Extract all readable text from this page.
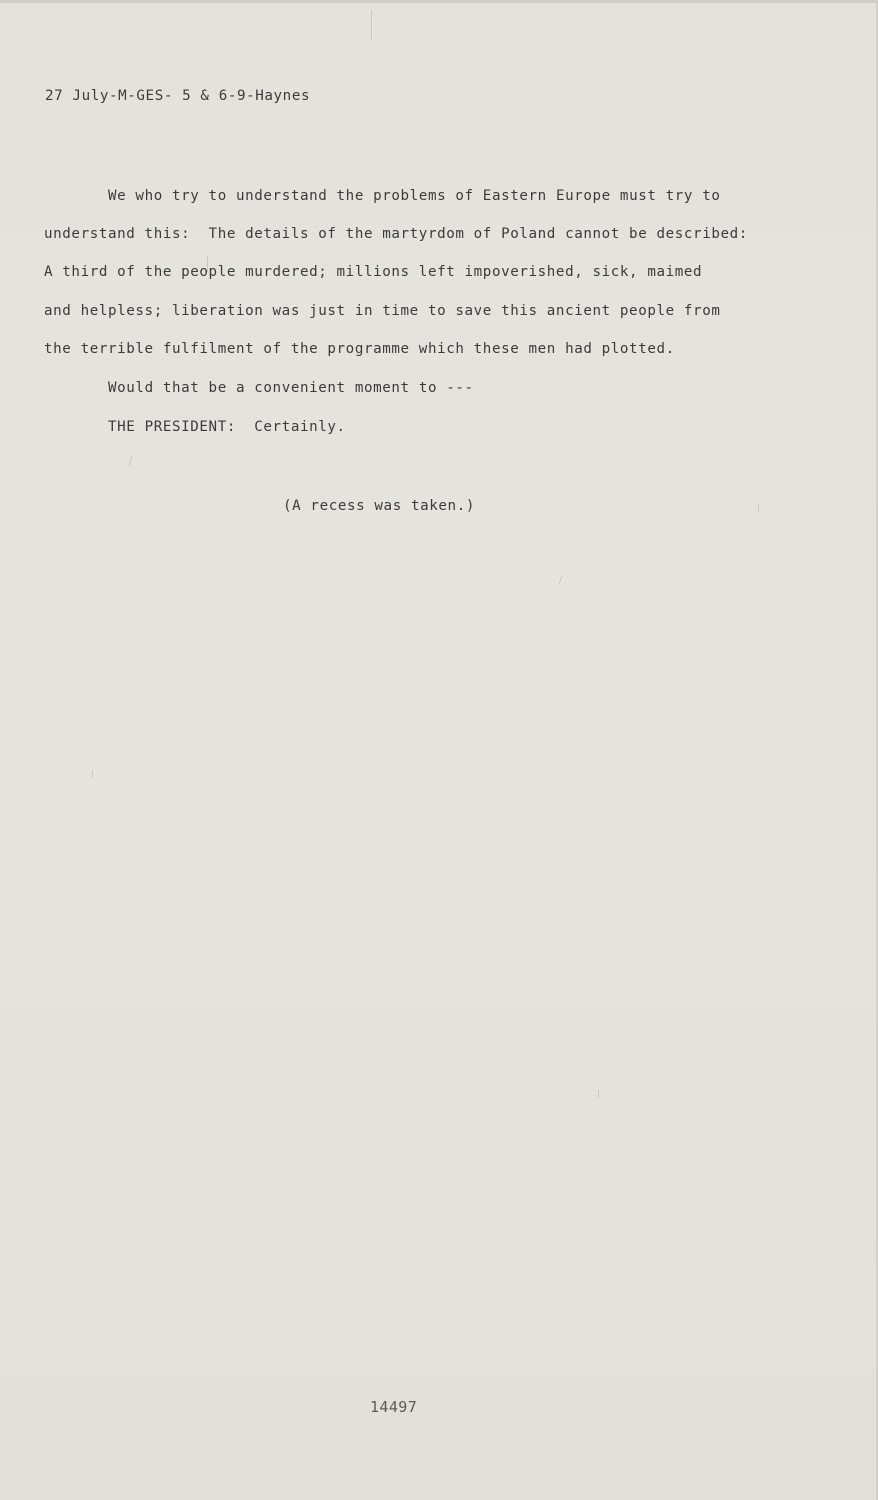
27 July-M-GES- 5 & 6-9-Haynes
We who try to understand the problems of Eastern Europe must try to
understand this:  The details of the martyrdom of Poland cannot be described:
A third of the people murdered; millions left impoverished, sick, maimed
and helpless; liberation was just in time to save this ancient people from
the terrible fulfilment of the programme which these men had plotted.
Would that be a convenient moment to ---
THE PRESIDENT:  Certainly.
(A recess was taken.)
14497
